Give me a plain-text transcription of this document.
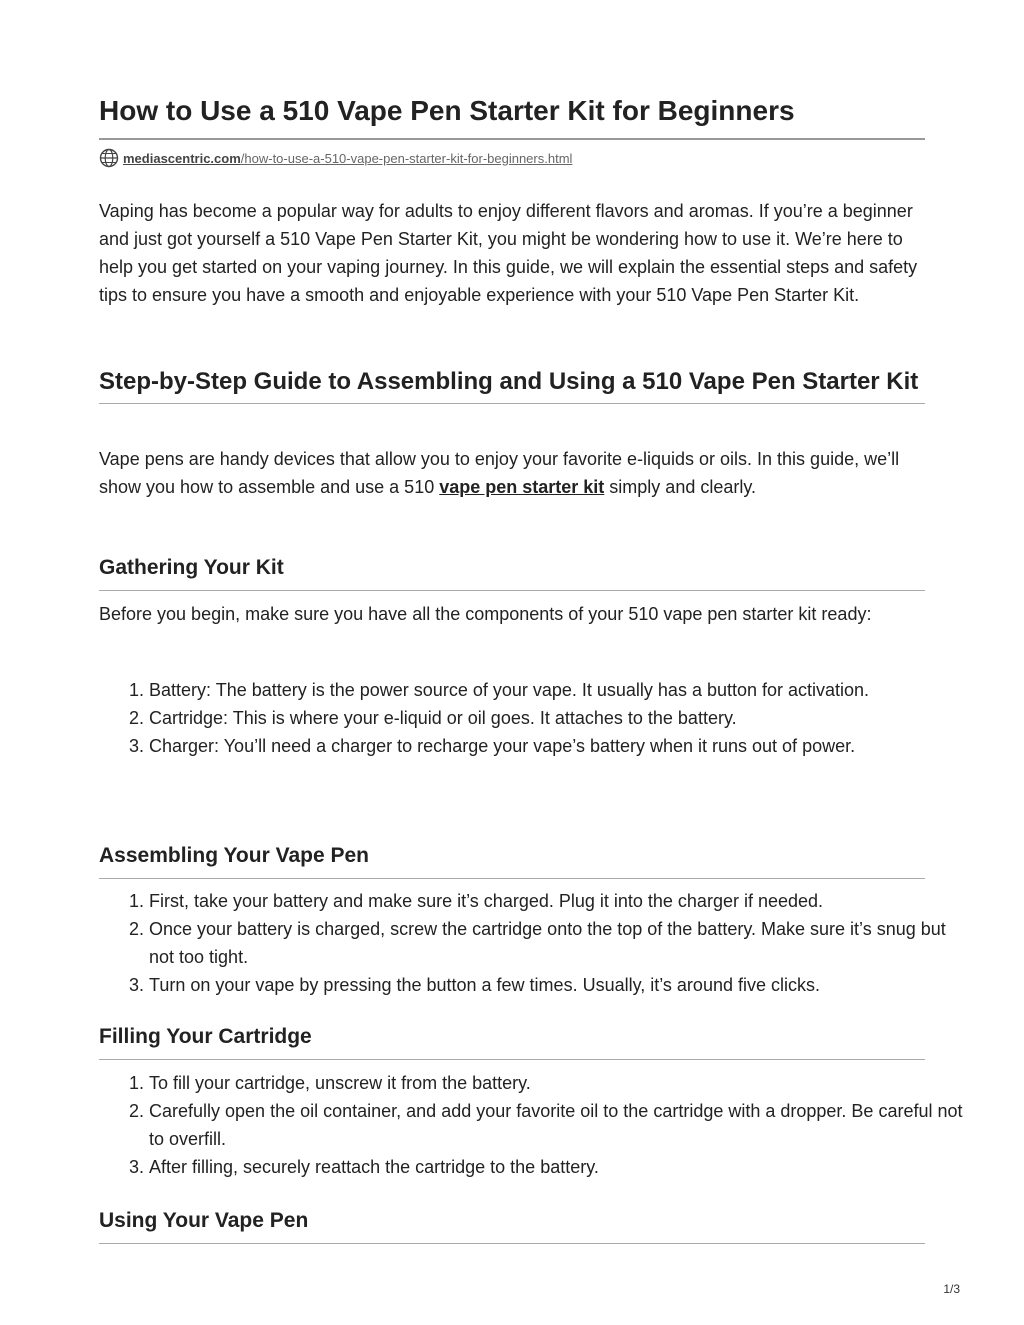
How to Use a 510 Vape Pen Starter Kit for Beginners
mediascentric.com/how-to-use-a-510-vape-pen-starter-kit-for-beginners.html

Vaping has become a popular way for adults to enjoy different flavors and aromas. If you’re a beginner and just got yourself a 510 Vape Pen Starter Kit, you might be wondering how to use it. We’re here to help you get started on your vaping journey. In this guide, we will explain the essential steps and safety tips to ensure you have a smooth and enjoyable experience with your 510 Vape Pen Starter Kit.

Step-by-Step Guide to Assembling and Using a 510 Vape Pen Starter Kit

Vape pens are handy devices that allow you to enjoy your favorite e-liquids or oils. In this guide, we’ll show you how to assemble and use a 510 vape pen starter kit simply and clearly.

Gathering Your Kit

Before you begin, make sure you have all the components of your 510 vape pen starter kit ready:

1. Battery: The battery is the power source of your vape. It usually has a button for activation.
2. Cartridge: This is where your e-liquid or oil goes. It attaches to the battery.
3. Charger: You’ll need a charger to recharge your vape’s battery when it runs out of power.
Assembling Your Vape Pen
1. First, take your battery and make sure it’s charged. Plug it into the charger if needed.
2. Once your battery is charged, screw the cartridge onto the top of the battery. Make sure it’s snug but not too tight.
3. Turn on your vape by pressing the button a few times. Usually, it’s around five clicks.
Filling Your Cartridge
1. To fill your cartridge, unscrew it from the battery.
2. Carefully open the oil container, and add your favorite oil to the cartridge with a dropper. Be careful not to overfill.
3. After filling, securely reattach the cartridge to the battery.
Using Your Vape Pen
1/3
